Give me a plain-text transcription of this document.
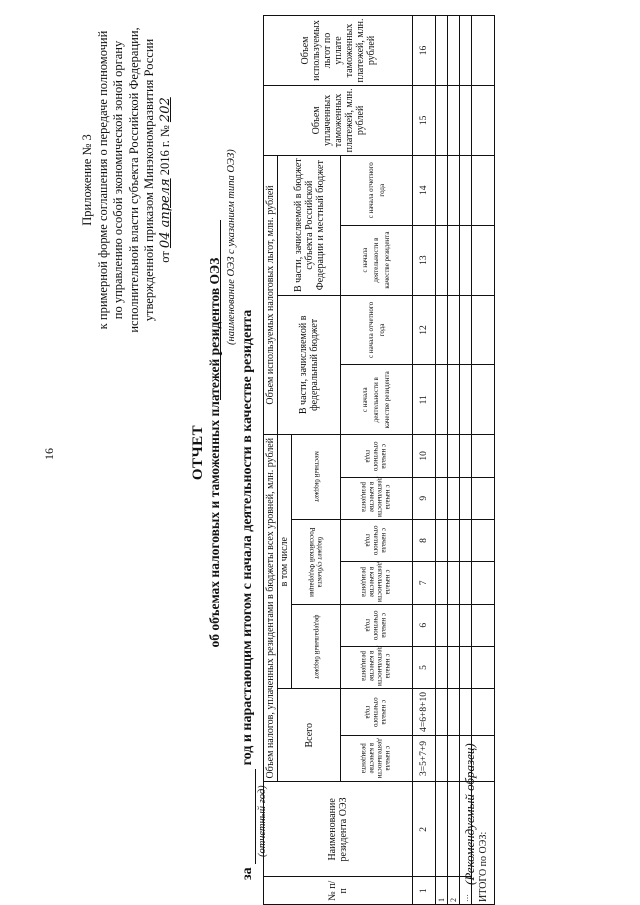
16
Приложение № 3 к примерной форме соглашения о передаче полномочий по управлению особой экономической зоной органу исполнительной власти субъекта Российской Федерации, утвержденной приказом Минэкономразвития России от 04 апреля 2016 г. № 202
(Рекомендуемый образец)
ОТЧЕТ об объемах налоговых и таможенных платежей резидентов ОЭЗ
(наименование ОЭЗ с указанием типа ОЭЗ)
за  год и нарастающим итогом с начала деятельности в качестве резидента
(отчетный год)
№ п/ п	Наименование резидента ОЭЗ	Объем налогов, уплаченных резидентами в бюджеты всех уровней, млн. рублей								Объем используемых налоговых льгот, млн. рублей				Объем уплаченных таможенных платежей, млн. рублей	Объем используемых льгот по уплате таможенных платежей, млн. рублей
		Всего		в том числе						В части, зачисляемой в федеральный бюджет		В части, зачисляемой в бюджет субъекта Российской Федерации и местный бюджет			
				федеральный бюджет		бюджет субъекта Российской Федерации		местный бюджет							
		с начала деятельности в качестве резидента	с начала отчетного года	с начала деятельности в качестве резидента	с начала отчетного года	с начала деятельности в качестве резидента	с начала отчетного года	с начала деятельности в качестве резидента	с начала отчетного года	с начала деятельности в качестве резидента	с начала отчетного года	с начала деятельности в качестве резидента	с начала отчетного года		
1	2	3=5+7+9	4=6+8+10	5	6	7	8	9	10	11	12	13	14	15	16
1															
2															
…															
ИТОГО по ОЭЗ:															
